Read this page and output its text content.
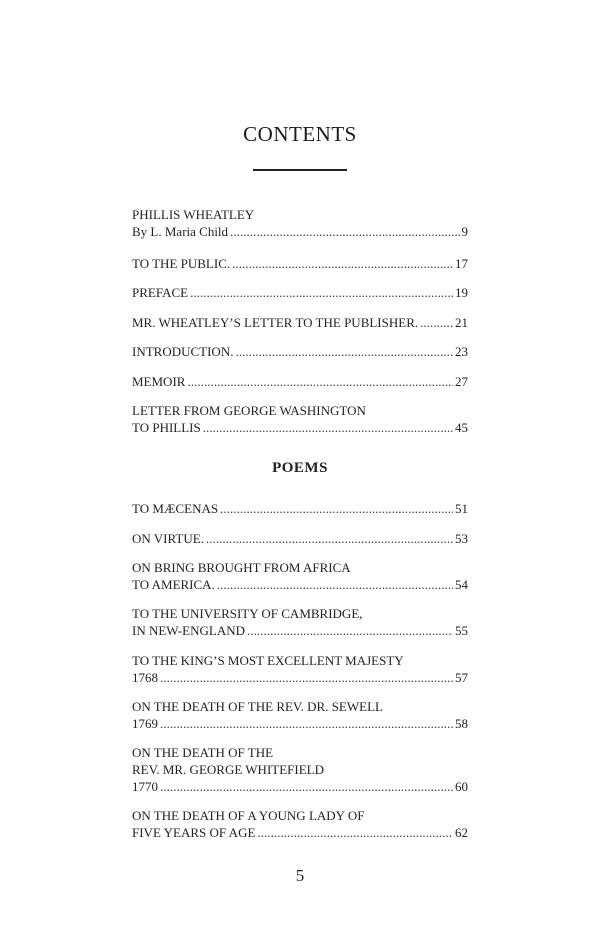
CONTENTS
PHILLIS WHEATLEY
By L. Maria Child . . .	9
TO THE PUBLIC. . . .	17
PREFACE . . .	19
MR. WHEATLEY’S LETTER TO THE PUBLISHER. . . .	21
INTRODUCTION. . . .	23
MEMOIR . . .	27
LETTER FROM GEORGE WASHINGTON
TO PHILLIS . . .	45
POEMS
TO MÆCENAS . . .	51
ON VIRTUE. . . .	53
ON BRING BROUGHT FROM AFRICA
TO AMERICA. . . .	54
TO THE UNIVERSITY OF CAMBRIDGE,
IN NEW-ENGLAND . . .	55
TO THE KING’S MOST EXCELLENT MAJESTY
1768 . . .	57
ON THE DEATH OF THE REV. DR. SEWELL
1769 . . .	58
ON THE DEATH OF THE
REV. MR. GEORGE WHITEFIELD
1770 . . .	60
ON THE DEATH OF A YOUNG LADY OF
FIVE YEARS OF AGE . . .	62
5
